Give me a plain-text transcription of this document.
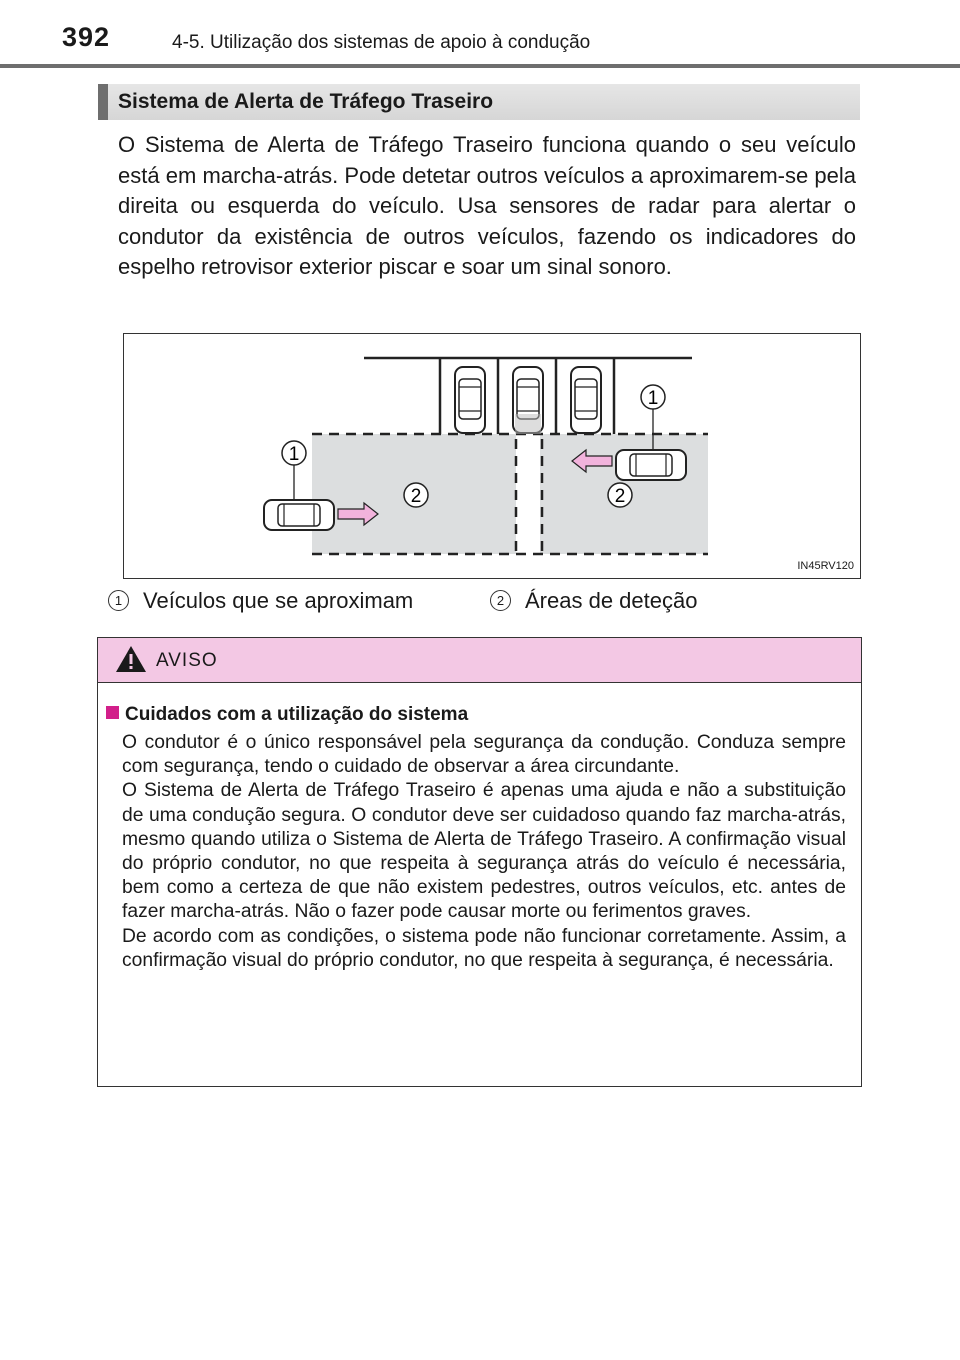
392	4-5. Utilização dos sistemas de apoio à condução
Sistema de Alerta de Tráfego Traseiro

O Sistema de Alerta de Tráfego Traseiro funciona quando o seu veículo está em marcha-atrás. Pode detetar outros veículos a aproximarem-se pela direita ou esquerda do veículo. Usa sensores de radar para alertar o condutor da existência de outros veículos, fazendo os indicadores do espelho retrovisor exterior piscar e soar um sinal sonoro.

1
1
2	2
IN45RV120
1 Veículos que se aproximam	2 Áreas de deteção
AVISO
Cuidados com a utilização do sistema

O condutor é o único responsável pela segurança da condução. Conduza sempre com segurança, tendo o cuidado de observar a área circundante.

O Sistema de Alerta de Tráfego Traseiro é apenas uma ajuda e não a substituição de uma condução segura. O condutor deve ser cuidadoso quando faz marcha-atrás, mesmo quando utiliza o Sistema de Alerta de Tráfego Traseiro. A confirmação visual do próprio condutor, no que respeita à segurança atrás do veículo é necessária, bem como a certeza de que não existem pedestres, outros veículos, etc. antes de fazer marcha-atrás. Não o fazer pode causar morte ou ferimentos graves.

De acordo com as condições, o sistema pode não funcionar corretamente. Assim, a confirmação visual do próprio condutor, no que respeita à segurança, é necessária.
